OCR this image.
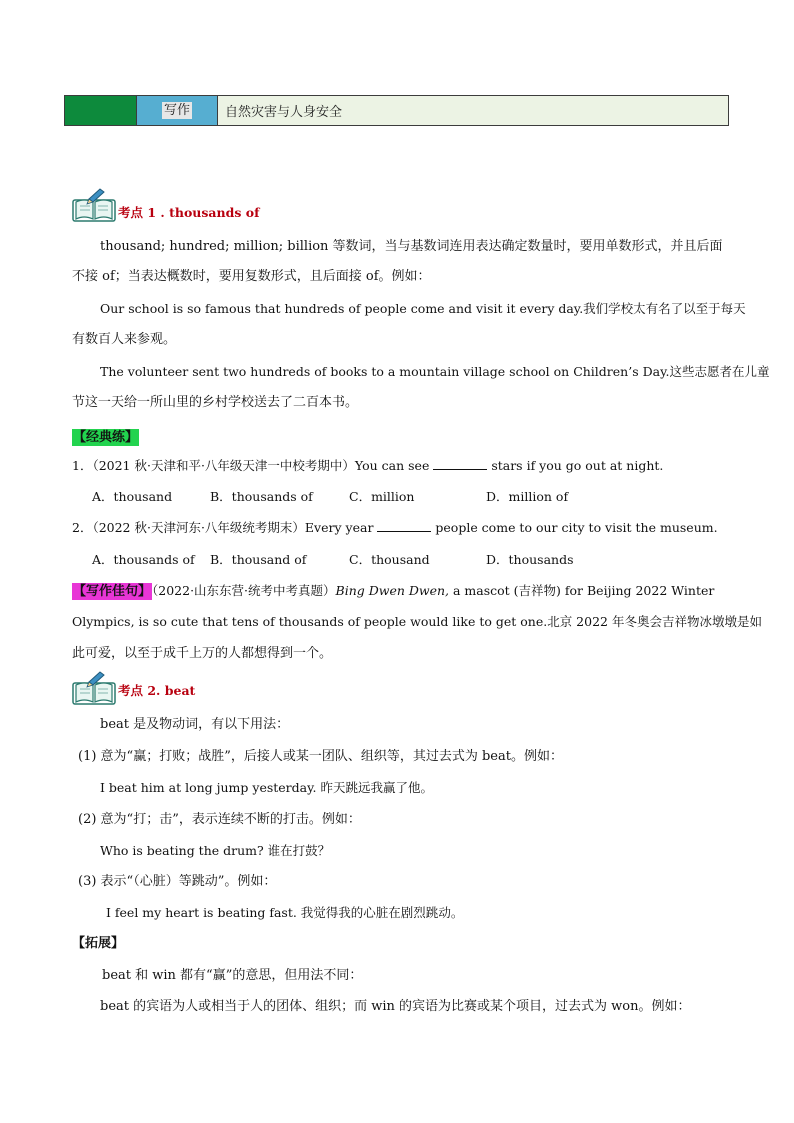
写作	自然灾害与人身安全
考点 1 . thousands of
thousand; hundred; million; billion 等数词，当与基数词连用表达确定数量时，要用单数形式，并且后面
不接 of；当表达概数时，要用复数形式，且后面接 of。例如：
Our school is so famous that hundreds of people come and visit it every day.我们学校太有名了以至于每天
有数百人来参观。
The volunteer sent two hundreds of books to a mountain village school on Children’s Day.这些志愿者在儿童
节这一天给一所山里的乡村学校送去了二百本书。
【经典练】
1．（2021 秋·天津和平·八年级天津一中校考期中）You can see	stars if you go out at night.
A．thousand	B．thousands of	C．million	D．million of
2．（2022 秋·天津河东·八年级统考期末）Every year	people come to our city to visit the museum.
A．thousands of B．thousand of	C．thousand	D．thousands
【写作佳句】（2022·山东东营·统考中考真题）Bing Dwen Dwen, a mascot (吉祥物) for Beijing 2022 Winter
Olympics, is so cute that tens of thousands of people would like to get one.北京 2022 年冬奥会吉祥物冰墩墩是如
此可爱，以至于成千上万的人都想得到一个。
考点 2. beat
beat 是及物动词，有以下用法：
(1) 意为“赢；打败；战胜”，后接人或某一团队、组织等，其过去式为 beat。例如：
I beat him at long jump yesterday. 昨天跳远我赢了他。
(2) 意为“打；击”，表示连续不断的打击。例如：
Who is beating the drum? 谁在打鼓？
(3) 表示“（心脏）等跳动”。例如：
I feel my heart is beating fast. 我觉得我的心脏在剧烈跳动。
【拓展】
beat 和 win 都有“赢”的意思，但用法不同：
beat 的宾语为人或相当于人的团体、组织；而 win 的宾语为比赛或某个项目，过去式为 won。例如：
